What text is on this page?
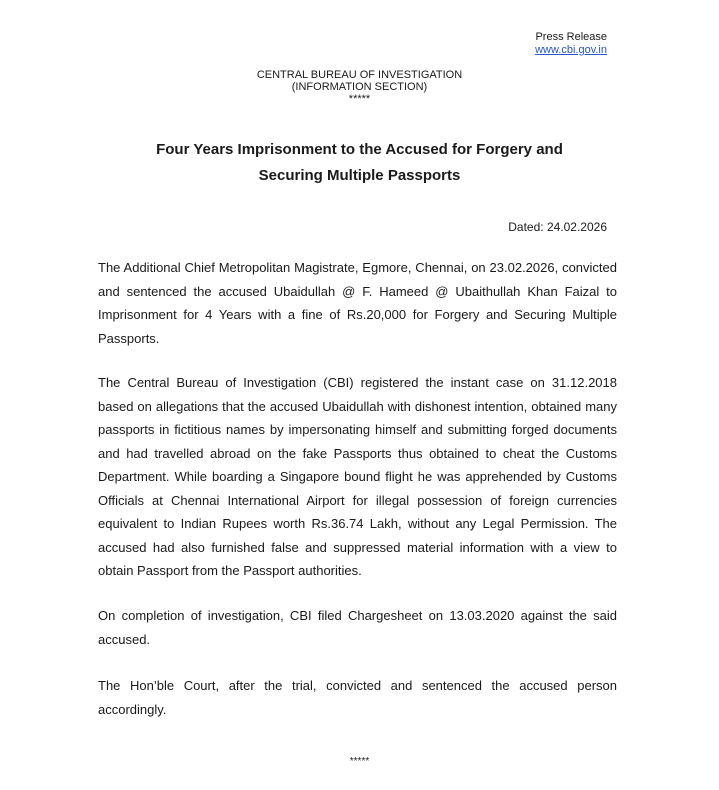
Press Release
www.cbi.gov.in
CENTRAL BUREAU OF INVESTIGATION
(INFORMATION SECTION)
*****
Four Years Imprisonment to the Accused for Forgery and
Securing Multiple Passports
Dated: 24.02.2026

The Additional Chief Metropolitan Magistrate, Egmore, Chennai, on 23.02.2026, convicted and sentenced the accused Ubaidullah @ F. Hameed @ Ubaithullah Khan Faizal to Imprisonment for 4 Years with a fine of Rs.20,000 for Forgery and Securing Multiple Passports.

The Central Bureau of Investigation (CBI) registered the instant case on 31.12.2018 based on allegations that the accused Ubaidullah with dishonest intention, obtained many passports in fictitious names by impersonating himself and submitting forged documents and had travelled abroad on the fake Passports thus obtained to cheat the Customs Department. While boarding a Singapore bound flight he was apprehended by Customs Officials at Chennai International Airport for illegal possession of foreign currencies equivalent to Indian Rupees worth Rs.36.74 Lakh, without any Legal Permission. The accused had also furnished false and suppressed material information with a view to obtain Passport from the Passport authorities.

On completion of investigation, CBI filed Chargesheet on 13.03.2020 against the said accused.

The Hon’ble Court, after the trial, convicted and sentenced the accused person accordingly.

*****
